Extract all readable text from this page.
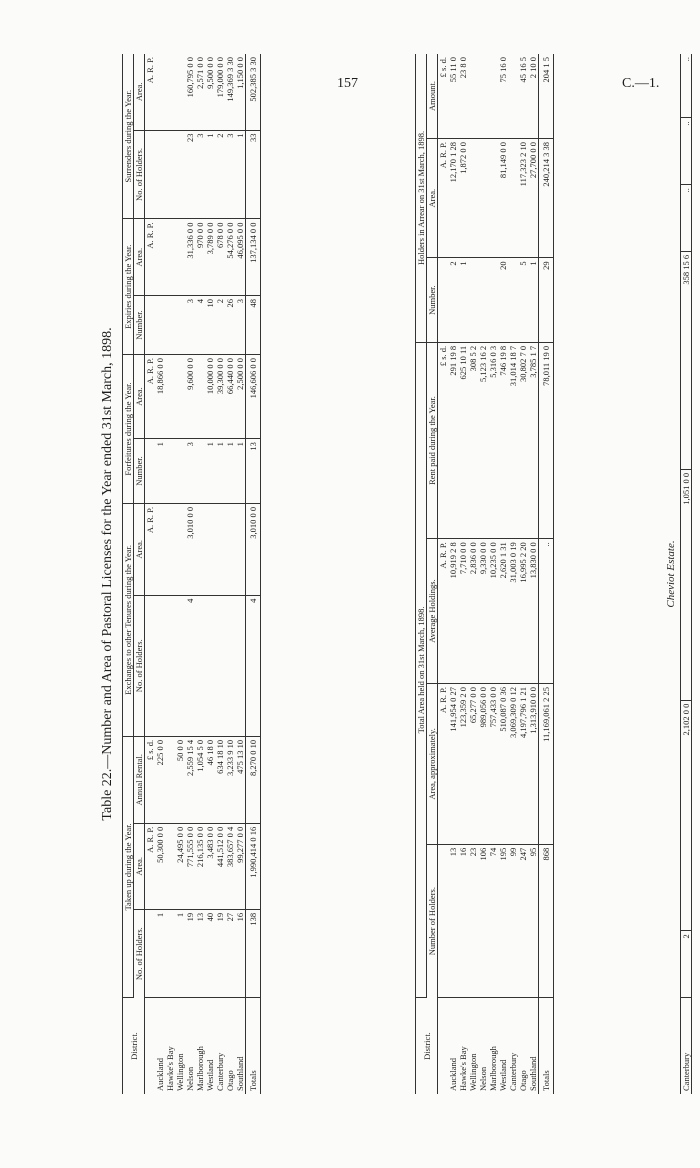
157	C.—1.
Table 22.—Number and Area of Pastoral Licenses for the Year ended 31st March, 1898.
District.	Taken up during the Year.			Exchanges to other Tenures during the Year.		Forfeitures during the Year.		Expiries during the Year.		Surrenders during the Year.	
	No. of Holders.	Area.	Annual Rental.	No. of Holders.	Area.	Number.	Area.	Number.	Area.	No. of Holders.	Area.
		A. R. P.	£ s. d.		A. R. P.		A. R. P.		A. R. P.		A. R. P.
Auckland	1	50,300 0 0	225 0 0			1	18,866 0 0				
Hawke's Bay											
Wellington	1	24,495 0 0	50 0 0								
Nelson	19	771,555 0 0	2,559 15 4	4	3,010 0 0	3	9,600 0 0	3	31,336 0 0	23	160,795 0 0
Marlborough	13	216,135 0 0	1,054 5 0					4	970 0 0	3	2,571 0 0
Westland	40	3,483 0 0	46 18 0			1	10,000 0 0	10	3,789 0 0	1	9,500 0 0
Canterbury	19	441,512 0 0	634 18 10			1	39,300 0 0	2	678 0 0	2	179,000 0 0
Otago	27	383,657 0 4	3,233 9 10			1	66,440 0 0	26	54,276 0 0	3	149,369 3 30
Southland	16	99,277 0 0	475 13 10			1	2,500 0 0	3	46,095 0 0	1	1,150 0 0
Totals	138	1,990,414 0 16	8,270 0 10	4	3,010 0 0	13	146,606 0 0	48	137,134 0 0	33	502,385 3 30
District.	Total Area held on 31st March, 1898.				Holders in Arrear on 31st March, 1898.		
	Number of Holders.	Area, approximately.	Average Holdings.	Rent paid during the Year.	Number.	Area.	Amount.
		A. R. P.	A. R. P.	£ s. d.		A. R. P.	£ s. d.
Auckland	13	141,954 0 27	10,919 2 8	291 19 8	2	12,170 1 28	55 11 0
Hawke's Bay	16	123,359 2 0	7,710 0 0	625 10 11	1	1,872 0 0	23 8 0
Wellington	23	65,277 0 0	2,836 0 0	308 5 2			
Nelson	106	989,056 0 0	9,330 0 0	5,123 16 2			
Marlborough	74	757,433 0 0	10,235 0 0	5,316 0 3			
Westland	195	510,087 0 36	2,620 1 31	746 19 8	20	81,149 0 0	75 16 0
Canterbury	99	3,069,309 0 12	31,003 0 19	31,014 18 7			
Otago	247	4,197,796 1 21	16,995 2 20	30,802 7 0	5	117,323 2 10	45 16 5
Southland	95	1,313,910 0 0	13,830 0 0	3,785 1 7	1	27,700 0 0	2 10 0
Totals	868	11,169,061 2 25	..	78,011 19 0	29	240,214 3 38	204 1 5
Cheviot Estate.
Canterbury	2	2,102 0 0	1,051 0 0	358 15 6	..	..	..
